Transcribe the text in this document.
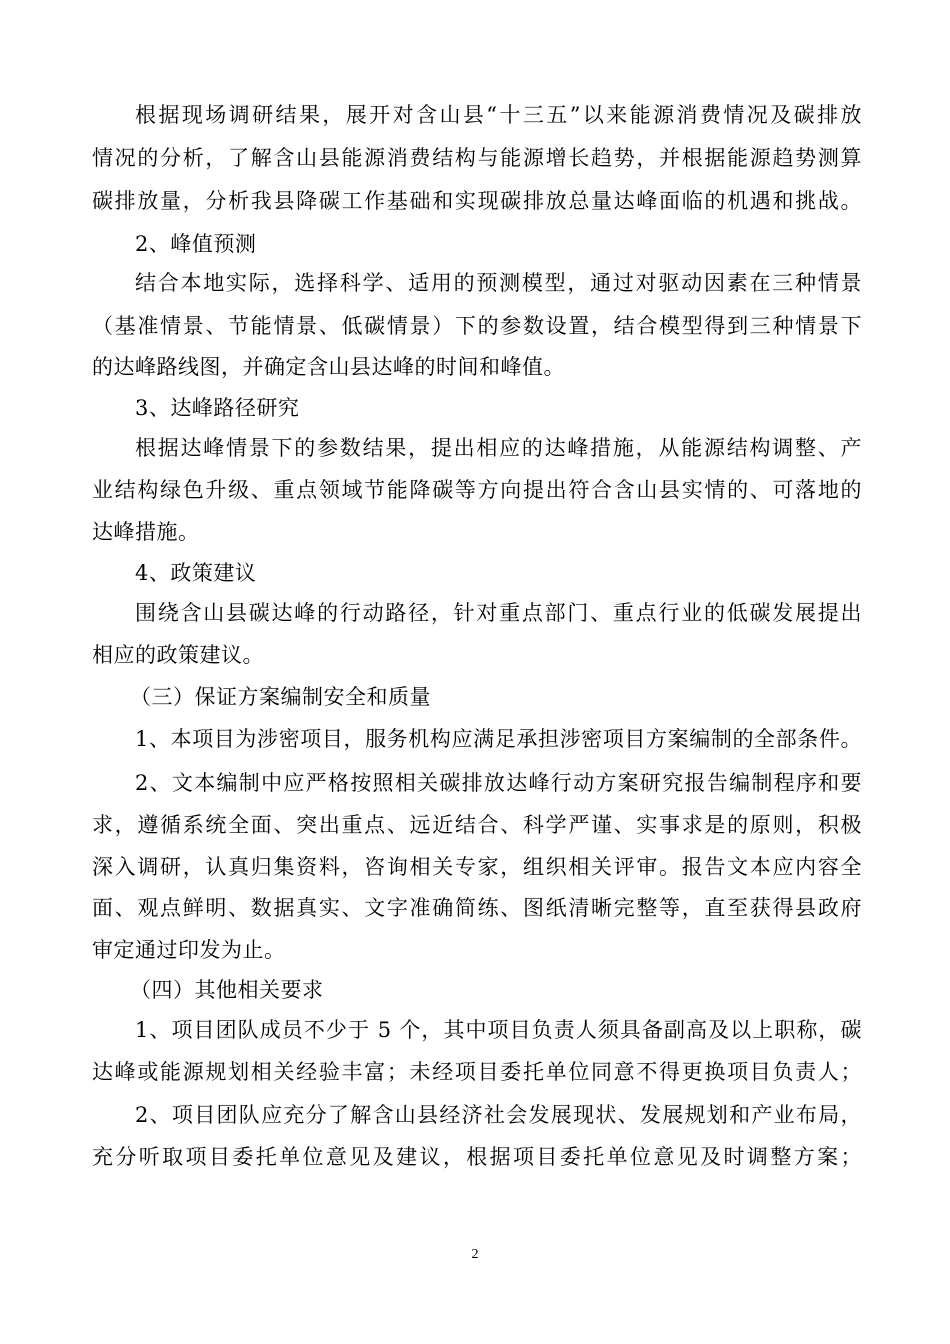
根据现场调研结果，展开对含山县“十三五”以来能源消费情况及碳排放
情况的分析，了解含山县能源消费结构与能源增长趋势，并根据能源趋势测算
碳排放量，分析我县降碳工作基础和实现碳排放总量达峰面临的机遇和挑战。
2、峰值预测
结合本地实际，选择科学、适用的预测模型，通过对驱动因素在三种情景
（基准情景、节能情景、低碳情景）下的参数设置，结合模型得到三种情景下
的达峰路线图，并确定含山县达峰的时间和峰值。
3、达峰路径研究
根据达峰情景下的参数结果，提出相应的达峰措施，从能源结构调整、产
业结构绿色升级、重点领域节能降碳等方向提出符合含山县实情的、可落地的
达峰措施。
4、政策建议
围绕含山县碳达峰的行动路径，针对重点部门、重点行业的低碳发展提出
相应的政策建议。
（三）保证方案编制安全和质量
1、本项目为涉密项目，服务机构应满足承担涉密项目方案编制的全部条件。
2、文本编制中应严格按照相关碳排放达峰行动方案研究报告编制程序和要
求，遵循系统全面、突出重点、远近结合、科学严谨、实事求是的原则，积极
深入调研，认真归集资料，咨询相关专家，组织相关评审。报告文本应内容全
面、观点鲜明、数据真实、文字准确简练、图纸清晰完整等，直至获得县政府
审定通过印发为止。
（四）其他相关要求
1、项目团队成员不少于 5 个，其中项目负责人须具备副高及以上职称，碳
达峰或能源规划相关经验丰富；未经项目委托单位同意不得更换项目负责人；
2、项目团队应充分了解含山县经济社会发展现状、发展规划和产业布局，
充分听取项目委托单位意见及建议，根据项目委托单位意见及时调整方案；
2
